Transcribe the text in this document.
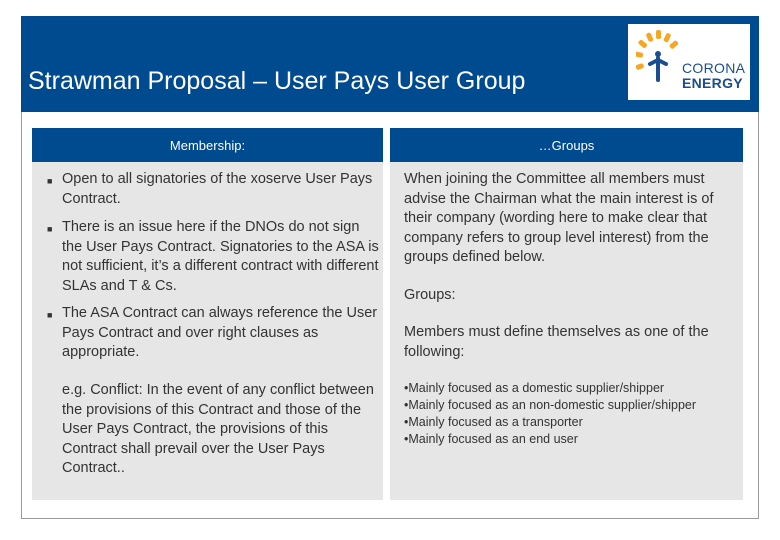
Strawman Proposal – User Pays User Group	CORONA
ENERGY
Membership:
■ Open to all signatories of the xoserve User Pays Contract.
■ There is an issue here if the DNOs do not sign the User Pays Contract. Signatories to the ASA is not sufficient, it’s a different contract with different SLAs and T & Cs.
■ The ASA Contract can always reference the User Pays Contract and over right clauses as appropriate.
e.g. Conflict: In the event of any conflict between the provisions of this Contract and those of the User Pays Contract, the provisions of this Contract shall prevail over the User Pays Contract..
…Groups
When joining the Committee all members must advise the Chairman what the main interest is of their company (wording here to make clear that company refers to group level interest) from the groups defined below.
Groups:
Members must define themselves as one of the following:
•Mainly focused as a domestic supplier/shipper
•Mainly focused as an non-domestic supplier/shipper
•Mainly focused as a transporter
•Mainly focused as an end user
